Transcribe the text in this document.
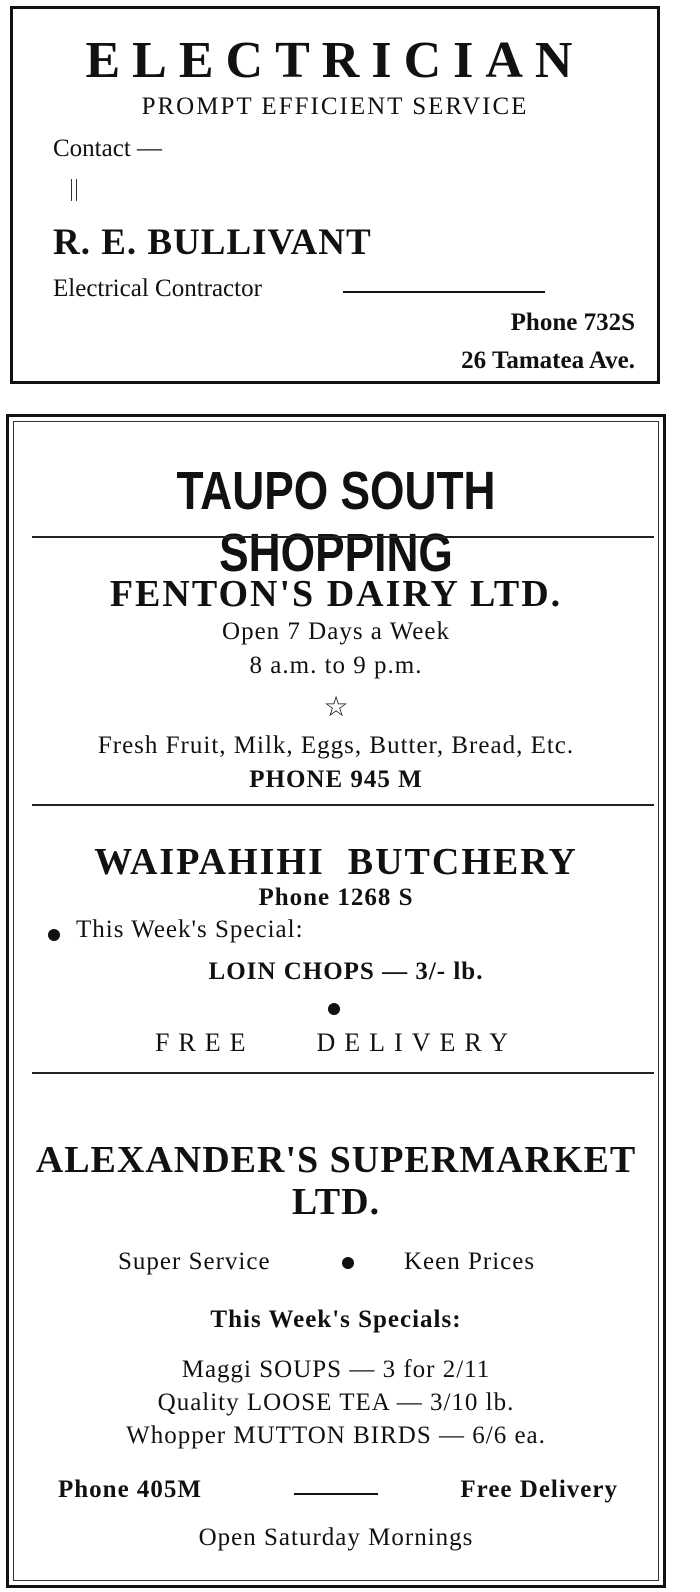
ELECTRICIAN
PROMPT EFFICIENT SERVICE
Contact —
R. E. BULLIVANT
Electrical Contractor
Phone 732S
26 Tamatea Ave.
TAUPO SOUTH SHOPPING
FENTON'S DAIRY LTD.
Open 7 Days a Week
8 a.m. to 9 p.m.
☆
Fresh Fruit, Milk, Eggs, Butter, Bread, Etc.
PHONE 945 M
WAIPAHIHI  BUTCHERY
Phone 1268 S
This Week's Special:
LOIN CHOPS — 3/- lb.
FREE    DELIVERY
ALEXANDER'S SUPERMARKET
LTD.
Super Service	Keen Prices
This Week's Specials:
Maggi SOUPS — 3 for 2/11
Quality LOOSE TEA — 3/10 lb.
Whopper MUTTON BIRDS — 6/6 ea.
Phone 405M	Free Delivery
Open Saturday Mornings
